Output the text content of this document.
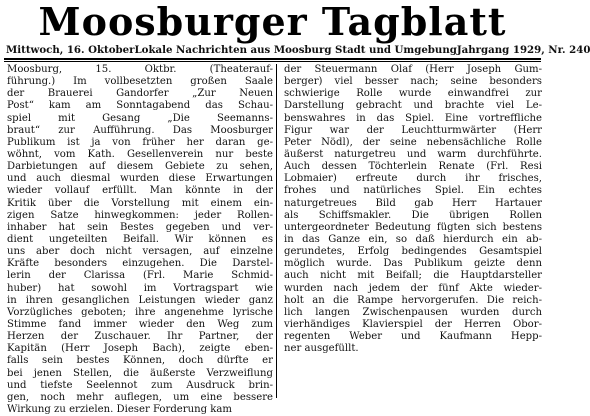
Moosburger Tagblatt
Mittwoch, 16. Oktober Lokale Nachrichten aus Moosburg Stadt und Umgebung Jahrgang 1929, Nr. 240
Moosburg, 15. Oktbr. (Theaterauf-
führung.) Im vollbesetzten großen Saale
der Brauerei Gandorfer „Zur Neuen
Post“ kam am Sonntagabend das Schau-
spiel mit Gesang „Die Seemanns-
braut“ zur Aufführung. Das Moosburger
Publikum ist ja von früher her daran ge-
wöhnt, vom Kath. Gesellenverein nur beste
Darbietungen auf diesem Gebiete zu sehen,
und auch diesmal wurden diese Erwartungen
wieder vollauf erfüllt. Man könnte in der
Kritik über die Vorstellung mit einem ein-
zigen Satze hinwegkommen: jeder Rollen-
inhaber hat sein Bestes gegeben und ver-
dient ungeteilten Beifall. Wir können es
uns aber doch nicht versagen, auf einzelne
Kräfte besonders einzugehen. Die Darstel-
lerin der Clarissa (Frl. Marie Schmid-
huber) hat sowohl im Vortragspart wie
in ihren gesanglichen Leistungen wieder ganz
Vorzügliches geboten; ihre angenehme lyrische
Stimme fand immer wieder den Weg zum
Herzen der Zuschauer. Ihr Partner, der
Kapitän (Herr Joseph Bach), zeigte eben-
falls sein bestes Können, doch dürfte er
bei jenen Stellen, die äußerste Verzweiflung
und tiefste Seelennot zum Ausdruck brin-
gen, noch mehr auflegen, um eine bessere
Wirkung zu erzielen. Dieser Forderung kam
der Steuermann Olaf (Herr Joseph Gum-
berger) viel besser nach; seine besonders
schwierige Rolle wurde einwandfrei zur
Darstellung gebracht und brachte viel Le-
benswahres in das Spiel. Eine vortreffliche
Figur war der Leuchtturmwärter (Herr
Peter Nödl), der seine nebensächliche Rolle
äußerst naturgetreu und warm durchführte.
Auch dessen Töchterlein Renate (Frl. Resi
Lobmaier) erfreute durch ihr frisches,
frohes und natürliches Spiel. Ein echtes
naturgetreues Bild gab Herr Hartauer
als Schiffsmakler. Die übrigen Rollen
untergeordneter Bedeutung fügten sich bestens
in das Ganze ein, so daß hierdurch ein ab-
gerundetes, Erfolg bedingendes Gesamtspiel
möglich wurde. Das Publikum geizte denn
auch nicht mit Beifall; die Hauptdarsteller
wurden nach jedem der fünf Akte wieder-
holt an die Rampe hervorgerufen. Die reich-
lich langen Zwischenpausen wurden durch
vierhändiges Klavierspiel der Herren Obor-
regenten Weber und Kaufmann Hepp-
ner ausgefüllt.
